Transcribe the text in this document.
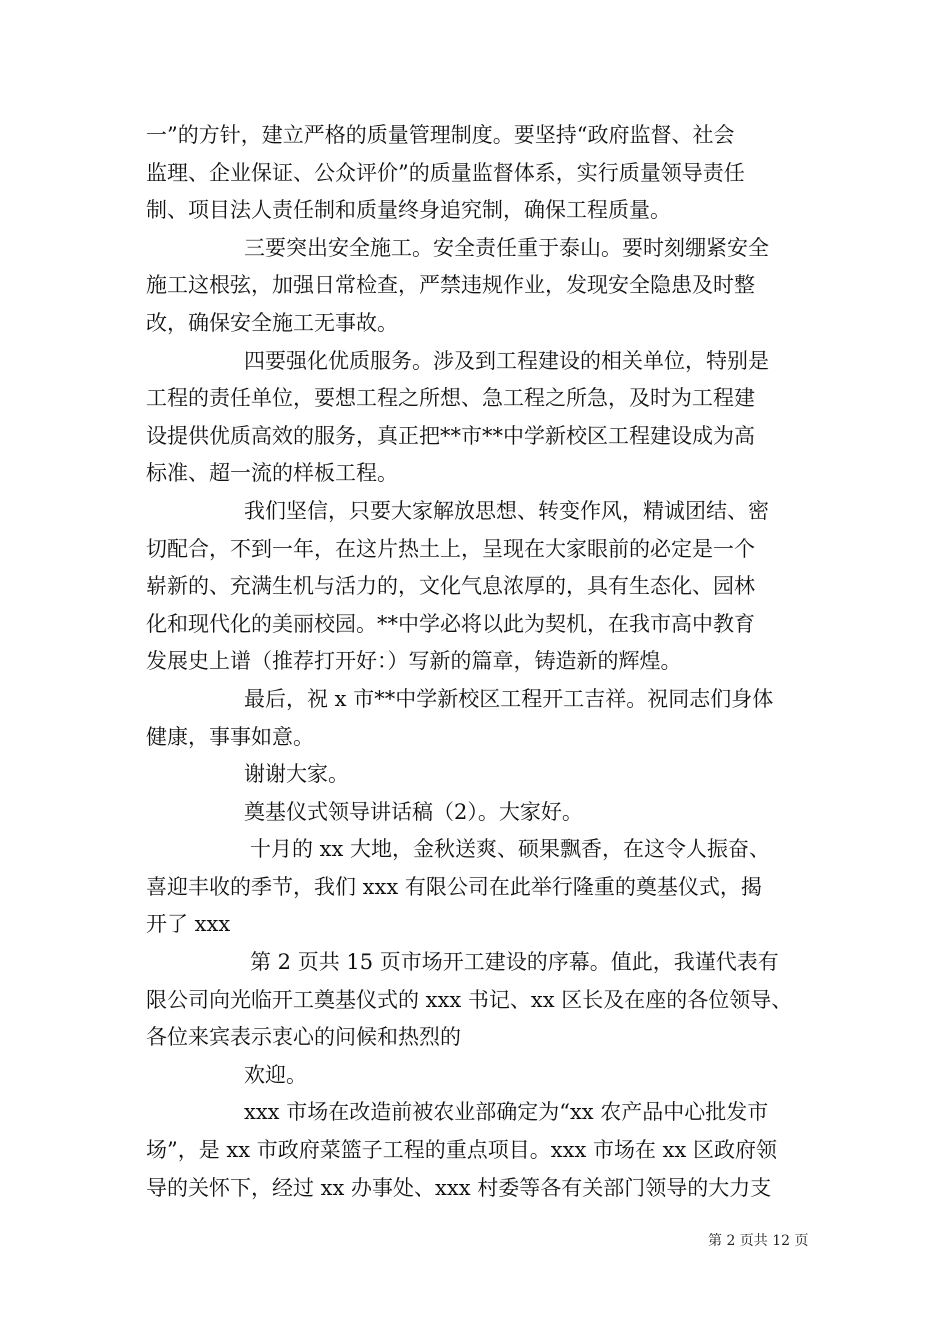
一”的方针，建立严格的质量管理制度。要坚持“政府监督、社会
监理、企业保证、公众评价”的质量监督体系，实行质量领导责任
制、项目法人责任制和质量终身追究制，确保工程质量。
三要突出安全施工。安全责任重于泰山。要时刻绷紧安全
施工这根弦，加强日常检查，严禁违规作业，发现安全隐患及时整
改，确保安全施工无事故。
四要强化优质服务。涉及到工程建设的相关单位，特别是
工程的责任单位，要想工程之所想、急工程之所急，及时为工程建
设提供优质高效的服务，真正把**市**中学新校区工程建设成为高
标准、超一流的样板工程。
我们坚信，只要大家解放思想、转变作风，精诚团结、密
切配合，不到一年，在这片热土上，呈现在大家眼前的必定是一个
崭新的、充满生机与活力的，文化气息浓厚的，具有生态化、园林
化和现代化的美丽校园。**中学必将以此为契机，在我市高中教育
发展史上谱（推荐打开好：）写新的篇章，铸造新的辉煌。
最后，祝 x 市**中学新校区工程开工吉祥。祝同志们身体
健康，事事如意。
谢谢大家。
奠基仪式领导讲话稿（2）。大家好。
十月的 xx 大地，金秋送爽、硕果飘香，在这令人振奋、
喜迎丰收的季节，我们 xxx 有限公司在此举行隆重的奠基仪式，揭
开了 xxx
第 2 页共 15 页市场开工建设的序幕。值此，我谨代表有
限公司向光临开工奠基仪式的 xxx 书记、xx 区长及在座的各位领导、
各位来宾表示衷心的问候和热烈的
欢迎。
xxx 市场在改造前被农业部确定为“xx 农产品中心批发市
场”，是 xx 市政府菜篮子工程的重点项目。xxx 市场在 xx 区政府领
导的关怀下，经过 xx 办事处、xxx 村委等各有关部门领导的大力支
第 2 页共 12 页
